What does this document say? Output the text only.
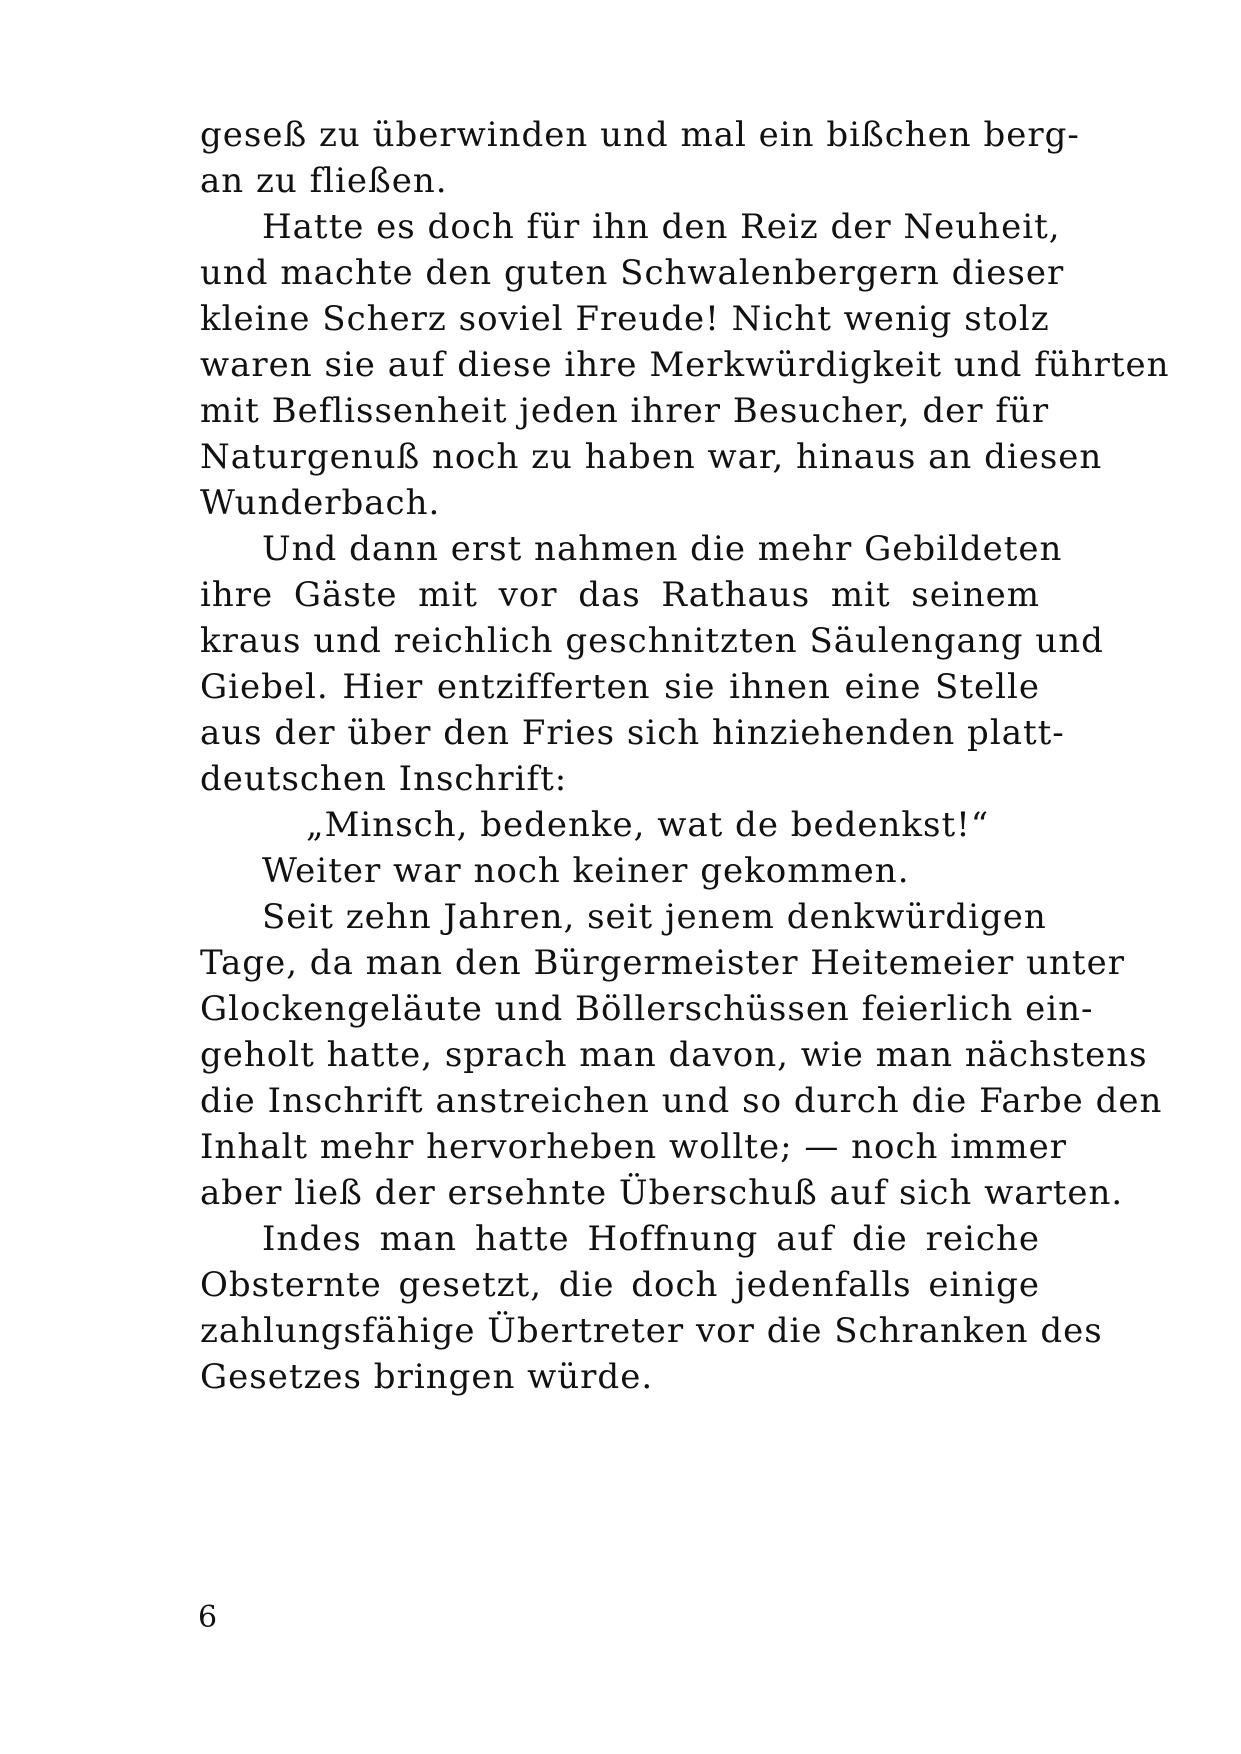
geseß zu überwinden und mal ein bißchen berg-
an zu fließen.
Hatte es doch für ihn den Reiz der Neuheit,
und machte den guten Schwalenbergern dieser
kleine Scherz soviel Freude! Nicht wenig stolz
waren sie auf diese ihre Merkwürdigkeit und führten
mit Beflissenheit jeden ihrer Besucher, der für
Naturgenuß noch zu haben war, hinaus an diesen
Wunderbach.
Und dann erst nahmen die mehr Gebildeten
ihre Gäste mit vor das Rathaus mit seinem
kraus und reichlich geschnitzten Säulengang und
Giebel. Hier entzifferten sie ihnen eine Stelle
aus der über den Fries sich hinziehenden platt-
deutschen Inschrift:
„Minsch, bedenke, wat de bedenkst!“
Weiter war noch keiner gekommen.
Seit zehn Jahren, seit jenem denkwürdigen
Tage, da man den Bürgermeister Heitemeier unter
Glockengeläute und Böllerschüssen feierlich ein-
geholt hatte, sprach man davon, wie man nächstens
die Inschrift anstreichen und so durch die Farbe den
Inhalt mehr hervorheben wollte; — noch immer
aber ließ der ersehnte Überschuß auf sich warten.
Indes man hatte Hoffnung auf die reiche
Obsternte gesetzt, die doch jedenfalls einige
zahlungsfähige Übertreter vor die Schranken des
Gesetzes bringen würde.
6
